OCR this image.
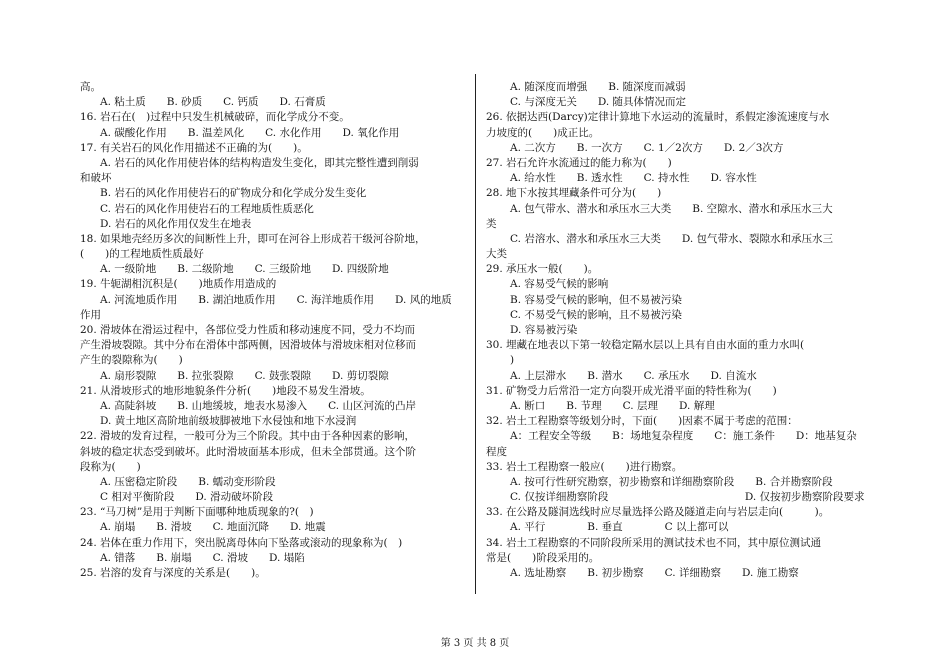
高。
A. 粘土质　　B. 砂质　　C. 钙质　　D. 石膏质
16. 岩石在(　)过程中只发生机械破碎，而化学成分不变。
A. 碳酸化作用　　B. 温差风化　　C. 水化作用　　D. 氧化作用
17. 有关岩石的风化作用描述不正确的为(　　)。
A. 岩石的风化作用使岩体的结构构造发生变化，即其完整性遭到削弱
和破坏
B. 岩石的风化作用使岩石的矿物成分和化学成分发生变化
C. 岩石的风化作用使岩石的工程地质性质恶化
D. 岩石的风化作用仅发生在地表
18. 如果地壳经历多次的间断性上升，即可在河谷上形成若干级河谷阶地，
(　　)的工程地质性质最好
A. 一级阶地　　B. 二级阶地　　C. 三级阶地　　D. 四级阶地
19. 牛轭湖相沉积是(　　)地质作用造成的
A. 河流地质作用　　B. 湖泊地质作用　　C. 海洋地质作用　　D. 风的地质
作用
20. 滑坡体在滑运过程中，各部位受力性质和移动速度不同，受力不均而
产生滑坡裂隙。其中分布在滑体中部两侧，因滑坡体与滑坡床相对位移而
产生的裂隙称为(　　)
A. 扇形裂隙　　B. 拉张裂隙　　C. 鼓张裂隙　　D. 剪切裂隙
21. 从滑坡形式的地形地貌条件分析(　　)地段不易发生滑坡。
A. 高陡斜坡　　B. 山地缓坡，地表水易渗入　　C. 山区河流的凸岸
D. 黄土地区高阶地前级坡脚被地下水侵蚀和地下水浸润
22. 滑坡的发育过程，一般可分为三个阶段。其中由于各种因素的影响，
斜坡的稳定状态受到破坏。此时滑坡面基本形成，但未全部贯通。这个阶
段称为(　　)
A. 压密稳定阶段　　B. 蠕动变形阶段
C 相对平衡阶段　　D. 滑动破坏阶段
23. “马刀树”是用于判断下面哪种地质现象的?(　)
A. 崩塌　　B. 滑坡　　C. 地面沉降　　D. 地震
24. 岩体在重力作用下，突出脱离母体向下坠落或滚动的现象称为(　)
A. 错落　　B. 崩塌　　C. 滑坡　　D. 塌陷
25. 岩溶的发育与深度的关系是(　　)。
A. 随深度而增强　　B. 随深度而减弱
C. 与深度无关　　D. 随具体情况而定
26. 依据达西(Darcy)定律计算地下水运动的流量时，系假定渗流速度与水
力坡度的(　　)成正比。
A. 二次方　　B. 一次方　　C. 1／2次方　　D. 2／3次方
27. 岩石允许水流通过的能力称为(　　)
A. 给水性　　B. 透水性　　C. 持水性　　D. 容水性
28. 地下水按其埋藏条件可分为(　　)
A. 包气带水、潜水和承压水三大类　　B. 空隙水、潜水和承压水三大
类
C. 岩溶水、潜水和承压水三大类　　D. 包气带水、裂隙水和承压水三
大类
29. 承压水一般(　　)。
A. 容易受气候的影响
B. 容易受气候的影响，但不易被污染
C. 不易受气候的影响，且不易被污染
D. 容易被污染
30. 埋藏在地表以下第一较稳定隔水层以上具有自由水面的重力水叫(
)
A. 上层滞水　　B. 潜水　　C. 承压水　　D. 自流水
31. 矿物受力后常沿一定方向裂开成光滑平面的特性称为(　　)
A. 断口　　B. 节理　　C. 层理　　D. 解理
32. 岩土工程勘察等级划分时，下面(　　)因素不属于考虑的范围：
A：工程安全等级　　B：场地复杂程度　　C：施工条件　　D：地基复杂
程度
33. 岩土工程勘察一般应(　　)进行勘察。
A. 按可行性研究勘察，初步勘察和详细勘察阶段　　B. 合并勘察阶段
C. 仅按详细勘察阶段　　　　　　　　　　　　　D. 仅按初步勘察阶段要求
33. 在公路及隧洞选线时应尽量选择公路及隧道走向与岩层走向(　　　)。
A. 平行　　　　B. 垂直　　　　C 以上都可以
34. 岩土工程勘察的不同阶段所采用的测试技术也不同，其中原位测试通
常是(　　)阶段采用的。
A. 选址勘察　　B. 初步勘察　　C. 详细勘察　　D. 施工勘察
第 3 页 共 8 页
